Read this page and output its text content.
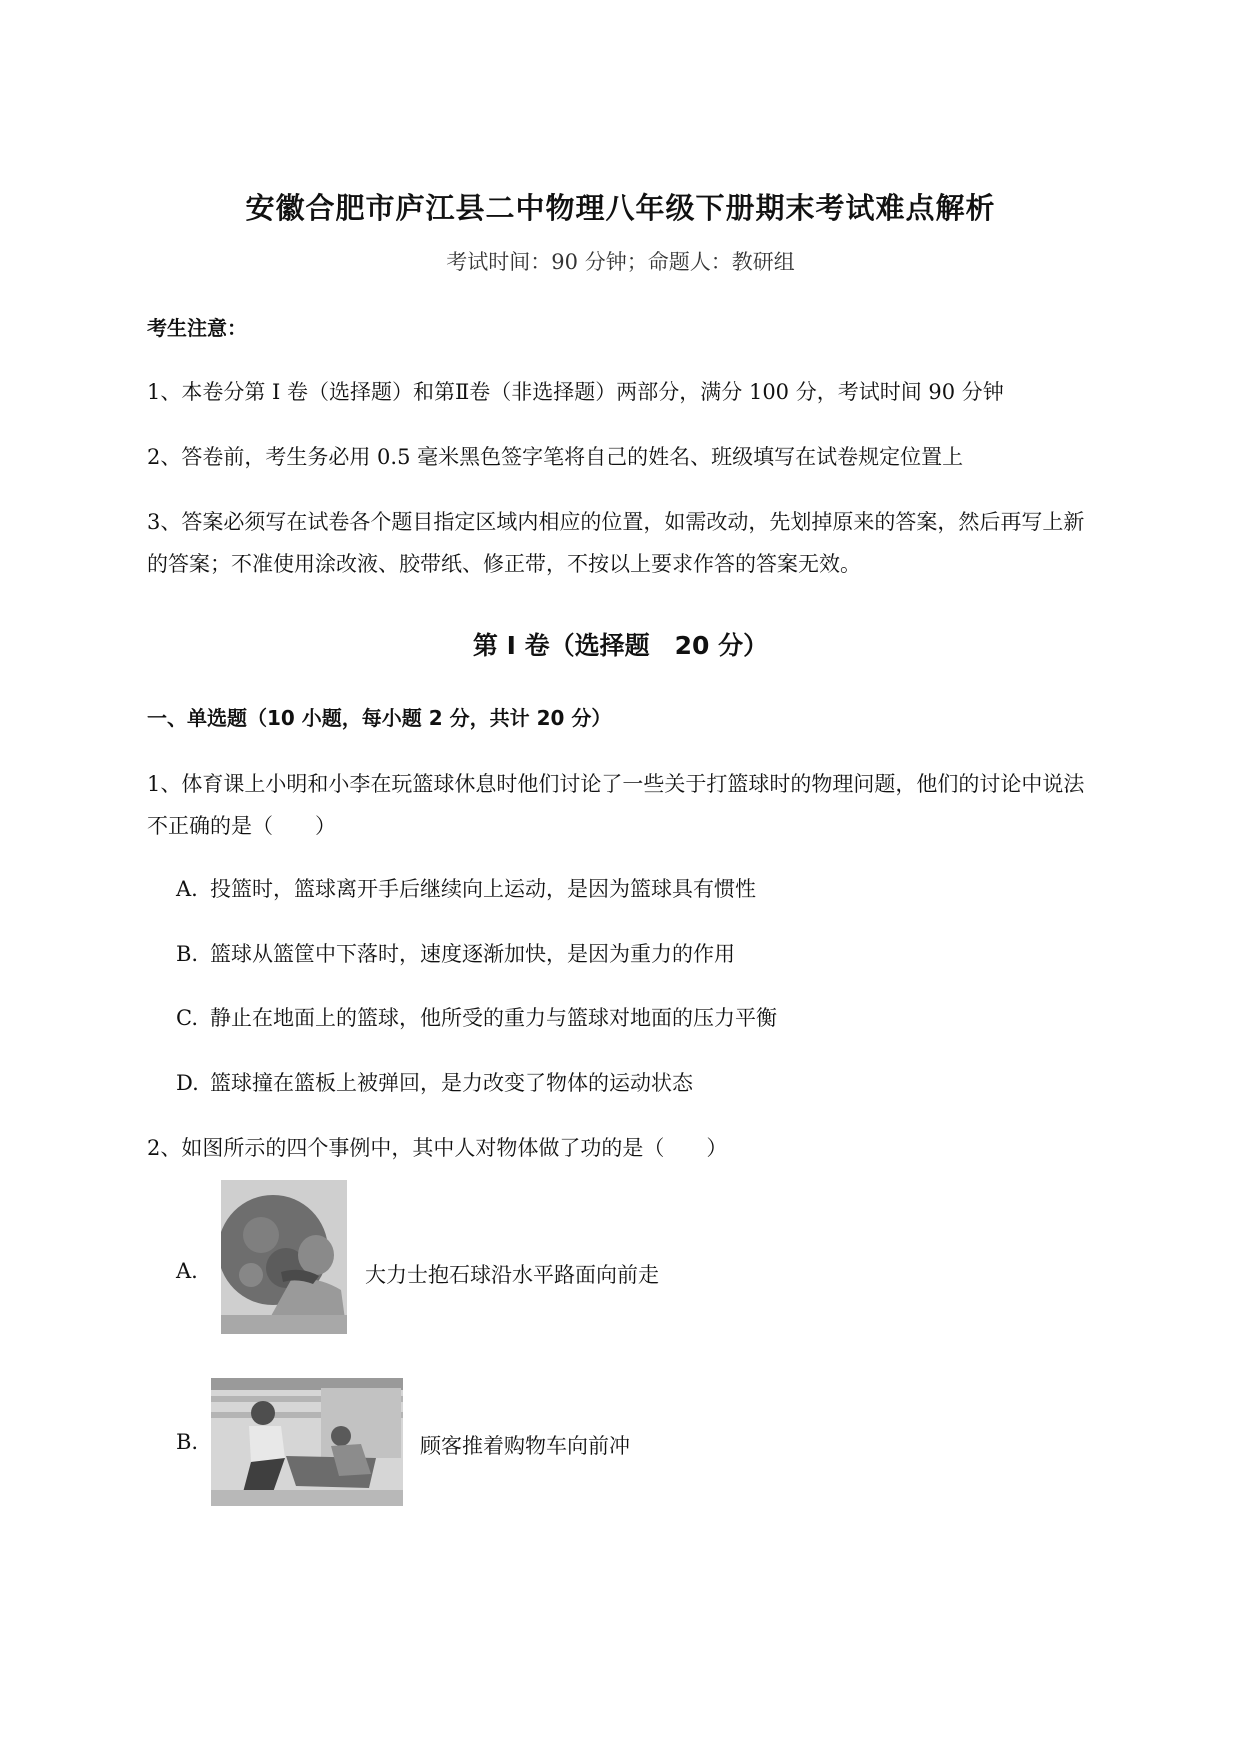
安徽合肥市庐江县二中物理八年级下册期末考试难点解析
考试时间：90 分钟；命题人：教研组
考生注意：
1、本卷分第 I 卷（选择题）和第Ⅱ卷（非选择题）两部分，满分 100 分，考试时间 90 分钟
2、答卷前，考生务必用 0.5 毫米黑色签字笔将自己的姓名、班级填写在试卷规定位置上
3、答案必须写在试卷各个题目指定区域内相应的位置，如需改动，先划掉原来的答案，然后再写上新
的答案；不准使用涂改液、胶带纸、修正带，不按以上要求作答的答案无效。
第 I 卷（选择题　20 分）
一、单选题（10 小题，每小题 2 分，共计 20 分）
1、体育课上小明和小李在玩篮球休息时他们讨论了一些关于打篮球时的物理问题，他们的讨论中说法
不正确的是（　　）
A. 投篮时，篮球离开手后继续向上运动，是因为篮球具有惯性
B. 篮球从篮筐中下落时，速度逐渐加快，是因为重力的作用
C. 静止在地面上的篮球，他所受的重力与篮球对地面的压力平衡
D. 篮球撞在篮板上被弹回，是力改变了物体的运动状态
2、如图所示的四个事例中，其中人对物体做了功的是（　　）
A.	大力士抱石球沿水平路面向前走
B.	顾客推着购物车向前冲
